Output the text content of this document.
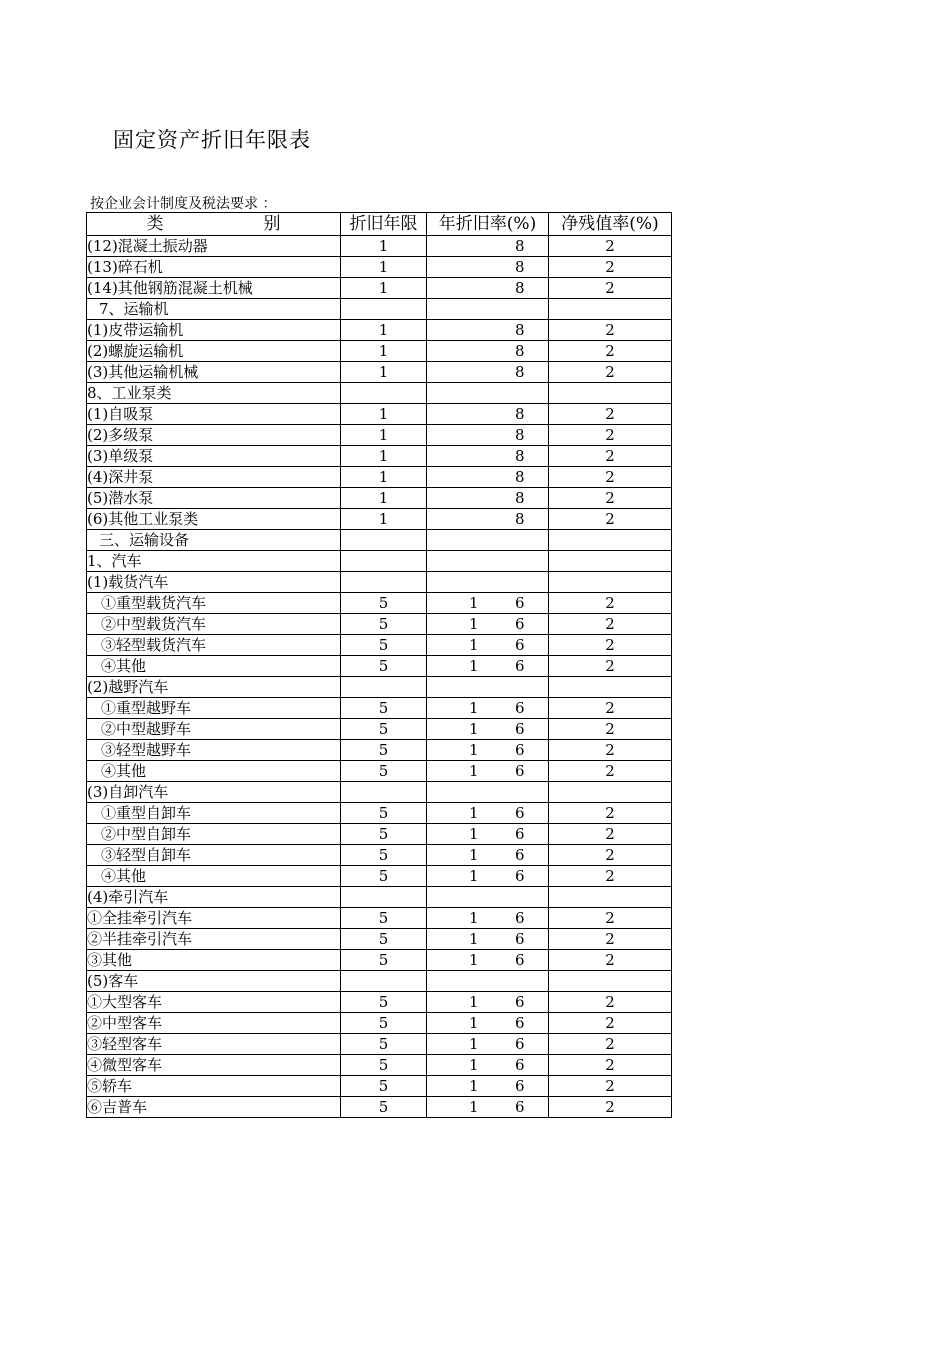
固定资产折旧年限表
按企业会计制度及税法要求 ：
类 别	折旧年限	年折旧率(%)	净残值率(%)
(12)混凝土振动器	1	8	2
(13)碎石机	1	8	2
(14)其他钢筋混凝土机械	1	8	2
7、运输机		

(1)皮带运输机	1	8	2
(2)螺旋运输机	1	8	2
(3)其他运输机械	1	8	2
8、工业泵类		

(1)自吸泵	1	8	2
(2)多级泵	1	8	2
(3)单级泵	1	8	2
(4)深井泵	1	8	2
(5)潜水泵	1	8	2
(6)其他工业泵类	1	8	2
三、运输设备		

1、汽车		

(1)载货汽车		

①重型载货汽车	5	1 6	2
②中型载货汽车	5	1 6	2
③轻型载货汽车	5	1 6	2
④其他	5	1 6	2
(2)越野汽车		

①重型越野车	5	1 6	2
②中型越野车	5	1 6	2
③轻型越野车	5	1 6	2
④其他	5	1 6	2
(3)自卸汽车		

①重型自卸车	5	1 6	2
②中型自卸车	5	1 6	2
③轻型自卸车	5	1 6	2
④其他	5	1 6	2
(4)牵引汽车		

①全挂牵引汽车	5	1 6	2
②半挂牵引汽车	5	1 6	2
③其他	5	1 6	2
(5)客车		

①大型客车	5	1 6	2
②中型客车	5	1 6	2
③轻型客车	5	1 6	2
④微型客车	5	1 6	2
⑤轿车	5	1 6	2
⑥吉普车	5	1 6	2
